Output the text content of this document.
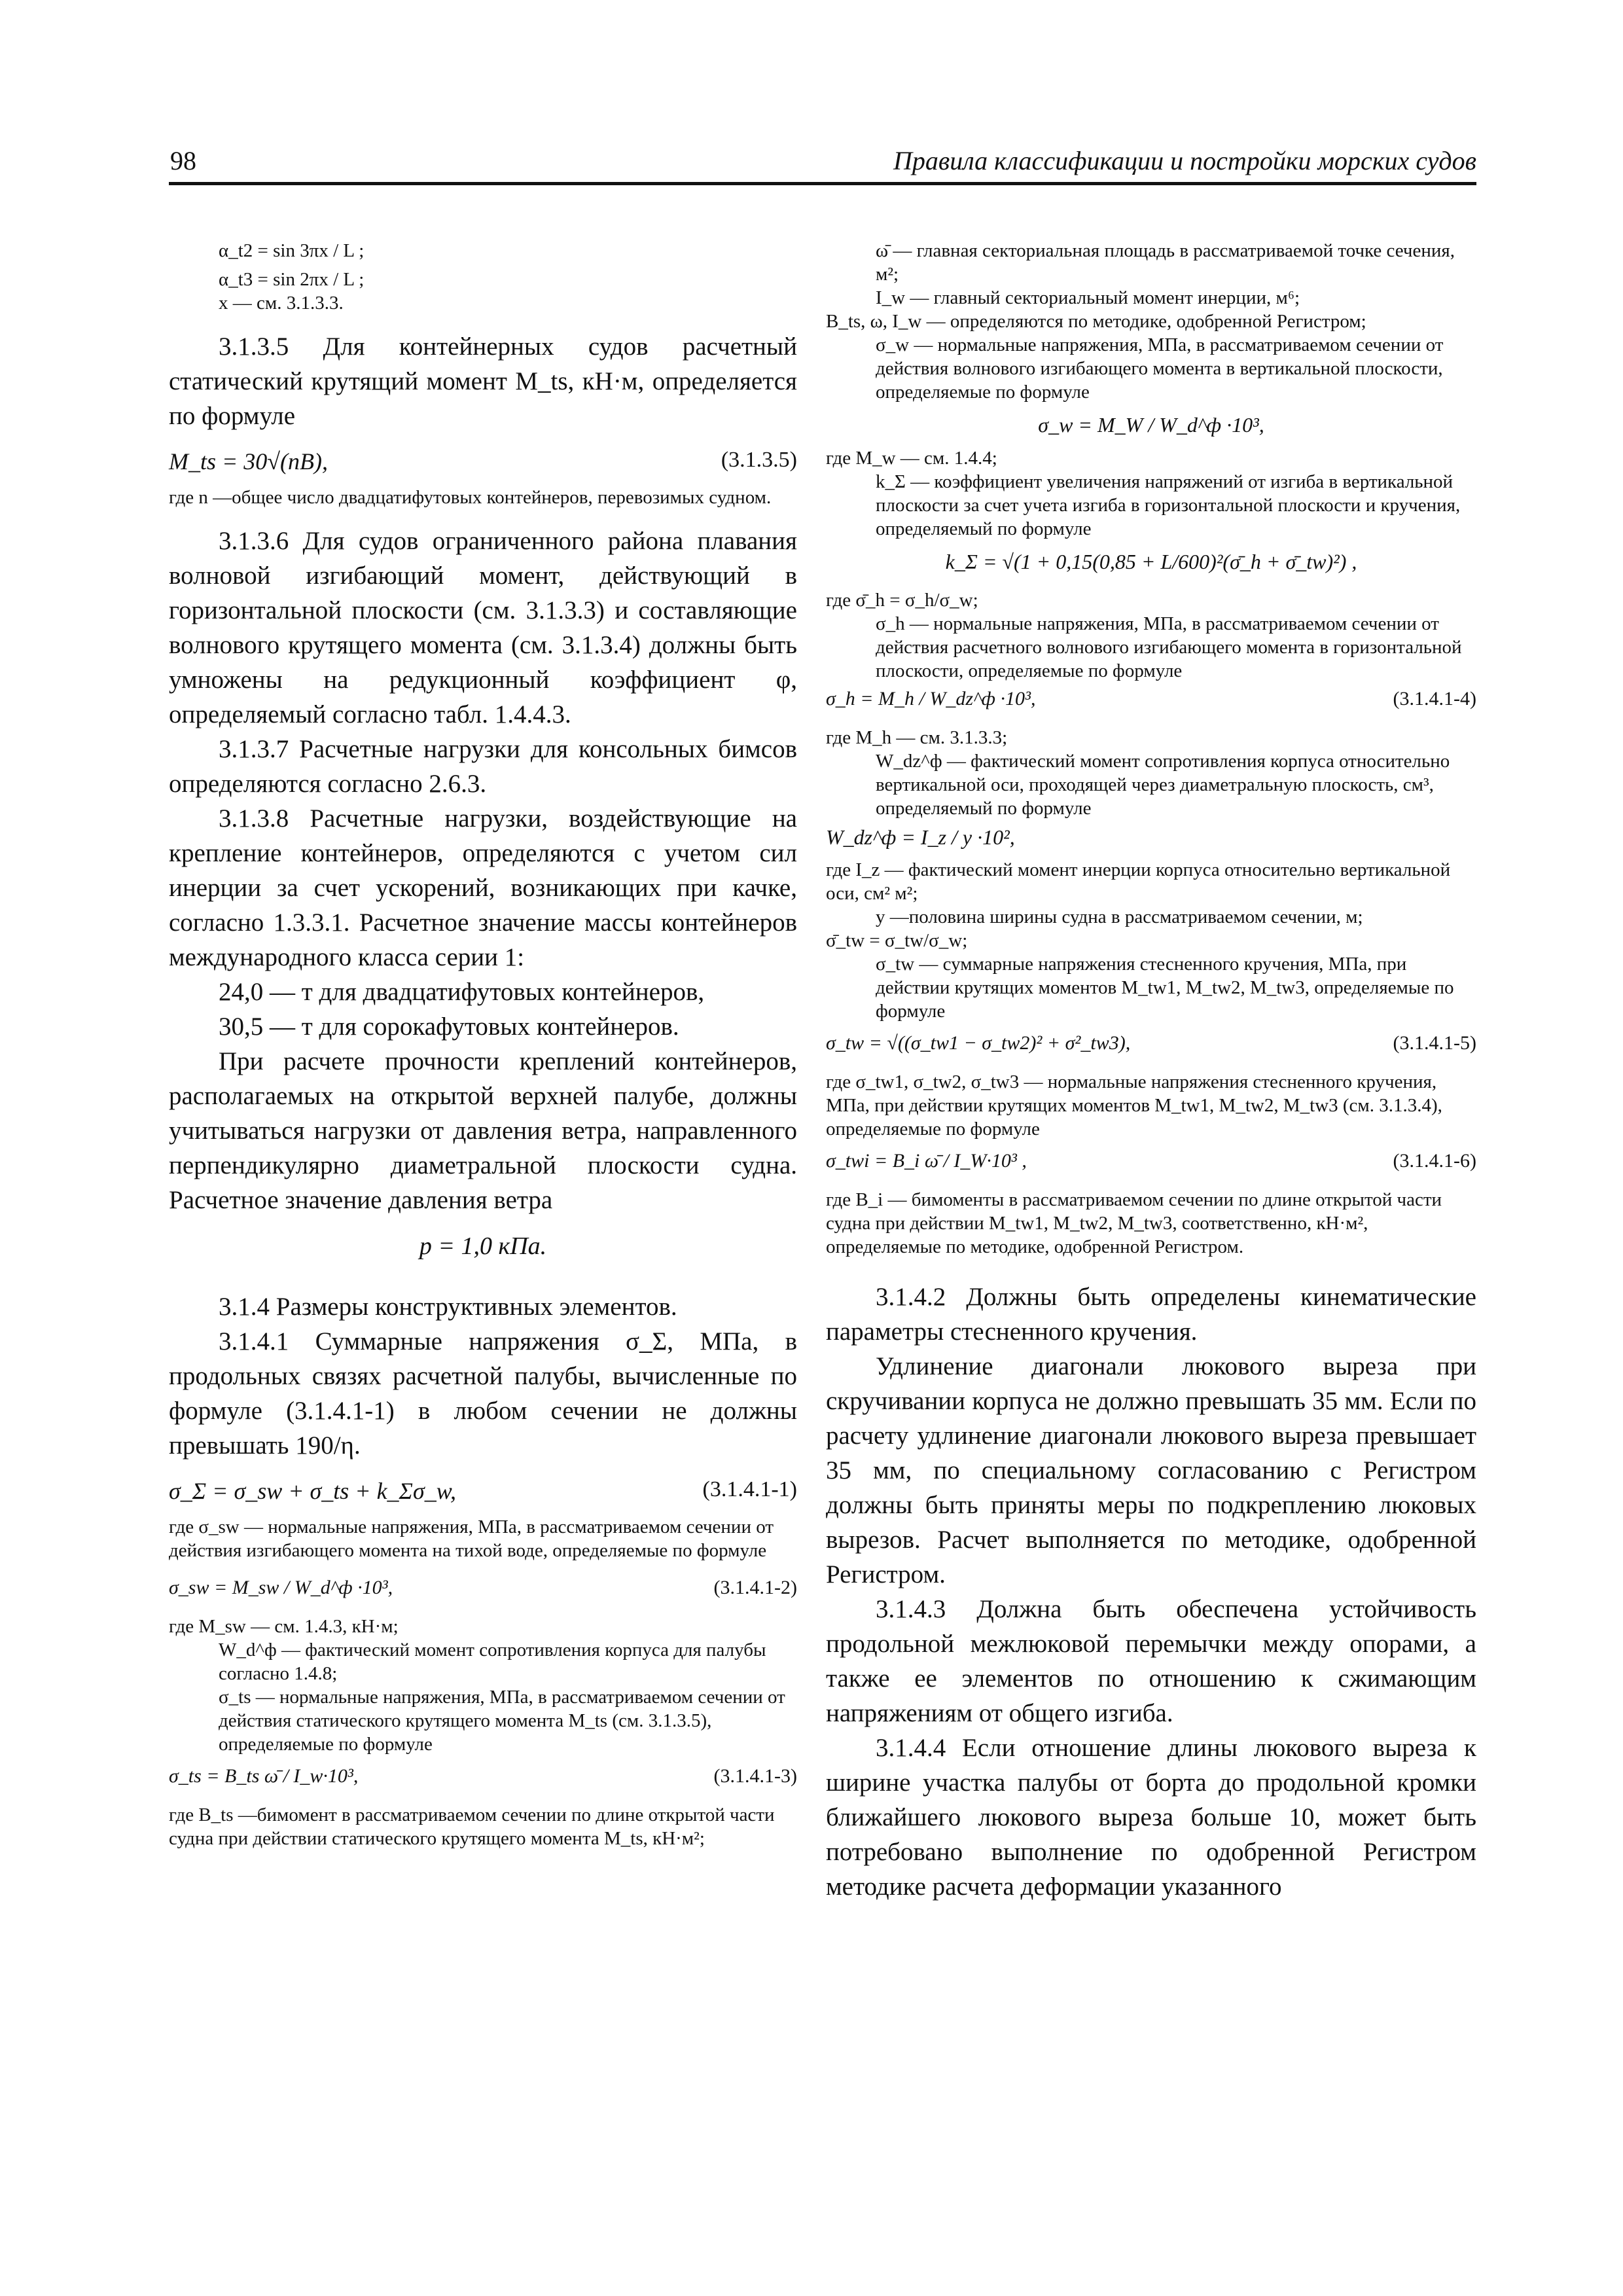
98	Правила классификации и постройки морских судов

α_t2 = sin 3πx / L ;

α_t3 = sin 2πx / L ;

x — см. 3.1.3.3.

3.1.3.5 Для контейнерных судов расчетный статический крутящий момент M_ts, кН·м, определяется по формуле

M_ts = 30√(nB),	(3.1.3.5)

где n —общее число двадцатифутовых контейнеров, перевозимых судном.

3.1.3.6 Для судов ограниченного района плавания волновой изгибающий момент, действующий в горизонтальной плоскости (см. 3.1.3.3) и составляющие волнового крутящего момента (см. 3.1.3.4) должны быть умножены на редукционный коэффициент φ, определяемый согласно табл. 1.4.4.3.

3.1.3.7 Расчетные нагрузки для консольных бимсов определяются согласно 2.6.3.

3.1.3.8 Расчетные нагрузки, воздействующие на крепление контейнеров, определяются с учетом сил инерции за счет ускорений, возникающих при качке, согласно 1.3.3.1. Расчетное значение массы контейнеров международного класса серии 1:

24,0 — т для двадцатифутовых контейнеров,

30,5 — т для сорокафутовых контейнеров.

При расчете прочности креплений контейнеров, располагаемых на открытой верхней палубе, должны учитываться нагрузки от давления ветра, направленного перпендикулярно диаметральной плоскости судна. Расчетное значение давления ветра

p = 1,0 кПа.

3.1.4 Размеры конструктивных элементов.

3.1.4.1 Суммарные напряжения σ_Σ, МПа, в продольных связях расчетной палубы, вычисленные по формуле (3.1.4.1-1) в любом сечении не должны превышать 190/η.

σ_Σ = σ_sw + σ_ts + k_Σσ_w,	(3.1.4.1-1)

где σ_sw — нормальные напряжения, МПа, в рассматриваемом сечении от действия изгибающего момента на тихой воде, определяемые по формуле

σ_sw = M_sw / W_d^ф ·10³,	(3.1.4.1-2)

где M_sw — см. 1.4.3, кН·м;

W_d^ф — фактический момент сопротивления корпуса для палубы согласно 1.4.8;

σ_ts — нормальные напряжения, МПа, в рассматриваемом сечении от действия статического крутящего момента M_ts (см. 3.1.3.5), определяемые по формуле

σ_ts = B_ts ω̄ / I_w·10³,	(3.1.4.1-3)

где B_ts —бимомент в рассматриваемом сечении по длине открытой части судна при действии статического крутящего момента M_ts, кН·м²;

ω̄ — главная секториальная площадь в рассматриваемой точке сечения, м²;

I_w — главный секториальный момент инерции, м⁶;

B_ts, ω, I_w — определяются по методике, одобренной Регистром;

σ_w — нормальные напряжения, МПа, в рассматриваемом сечении от действия волнового изгибающего момента в вертикальной плоскости, определяемые по формуле

σ_w = M_W / W_d^ф ·10³,

где M_w — см. 1.4.4;

k_Σ — коэффициент увеличения напряжений от изгиба в вертикальной плоскости за счет учета изгиба в горизонтальной плоскости и кручения, определяемый по формуле

k_Σ = √(1 + 0,15(0,85 + L/600)²(σ̄_h + σ̄_tw)²) ,

где σ̄_h = σ_h/σ_w;

σ_h — нормальные напряжения, МПа, в рассматриваемом сечении от действия расчетного волнового изгибающего момента в горизонтальной плоскости, определяемые по формуле

σ_h = M_h / W_dz^ф ·10³,	(3.1.4.1-4)

где M_h — см. 3.1.3.3;

W_dz^ф — фактический момент сопротивления корпуса относительно вертикальной оси, проходящей через диаметральную плоскость, см³, определяемый по формуле

W_dz^ф = I_z / y ·10²,

где I_z — фактический момент инерции корпуса относительно вертикальной оси, см² м²;

y —половина ширины судна в рассматриваемом сечении, м;

σ̄_tw = σ_tw/σ_w;

σ_tw — суммарные напряжения стесненного кручения, МПа, при действии крутящих моментов M_tw1, M_tw2, M_tw3, определяемые по формуле

σ_tw = √((σ_tw1 − σ_tw2)² + σ²_tw3),	(3.1.4.1-5)

где σ_tw1, σ_tw2, σ_tw3 — нормальные напряжения стесненного кручения, МПа, при действии крутящих моментов M_tw1, M_tw2, M_tw3 (см. 3.1.3.4), определяемые по формуле

σ_twi = B_i ω̄ / I_W·10³ ,	(3.1.4.1-6)

где B_i — бимоменты в рассматриваемом сечении по длине открытой части судна при действии M_tw1, M_tw2, M_tw3, соответственно, кН·м², определяемые по методике, одобренной Регистром.

3.1.4.2 Должны быть определены кинематические параметры стесненного кручения.

Удлинение диагонали люкового выреза при скручивании корпуса не должно превышать 35 мм. Если по расчету удлинение диагонали люкового выреза превышает 35 мм, по специальному согласованию с Регистром должны быть приняты меры по подкреплению люковых вырезов. Расчет выполняется по методике, одобренной Регистром.

3.1.4.3 Должна быть обеспечена устойчивость продольной межлюковой перемычки между опорами, а также ее элементов по отношению к сжимающим напряжениям от общего изгиба.

3.1.4.4 Если отношение длины люкового выреза к ширине участка палубы от борта до продольной кромки ближайшего люкового выреза больше 10, может быть потребовано выполнение по одобренной Регистром методике расчета деформации указанного
